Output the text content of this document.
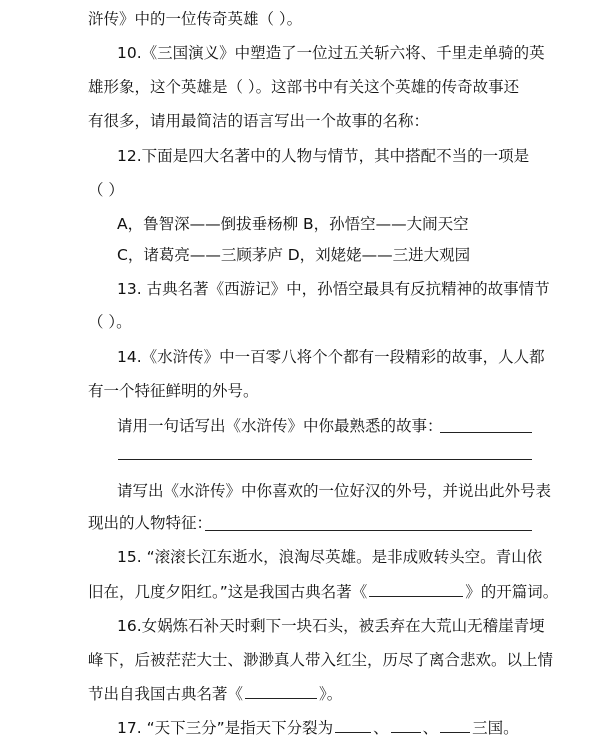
浒传》中的一位传奇英雄（ ）。
10.《三国演义》中塑造了一位过五关斩六将、千里走单骑的英
雄形象，这个英雄是（ ）。这部书中有关这个英雄的传奇故事还
有很多，请用最简洁的语言写出一个故事的名称：
12.下面是四大名著中的人物与情节，其中搭配不当的一项是
（ ）
A，鲁智深——倒拔垂杨柳 B，孙悟空——大闹天空
C，诸葛亮——三顾茅庐 D，刘姥姥——三进大观园
13. 古典名著《西游记》中，孙悟空最具有反抗精神的故事情节
（ ）。
14.《水浒传》中一百零八将个个都有一段精彩的故事，人人都
有一个特征鲜明的外号。
请用一句话写出《水浒传》中你最熟悉的故事：
请写出《水浒传》中你喜欢的一位好汉的外号，并说出此外号表
现出的人物特征：
15. “滚滚长江东逝水，浪淘尽英雄。是非成败转头空。青山依
旧在，几度夕阳红。”这是我国古典名著《	》的开篇词。
16.女娲炼石补天时剩下一块石头，被丢弃在大荒山无稽崖青埂
峰下，后被茫茫大士、渺渺真人带入红尘，历尽了离合悲欢。以上情
节出自我国古典名著《	》。
17. “天下三分”是指天下分裂为	、 、 三国。
